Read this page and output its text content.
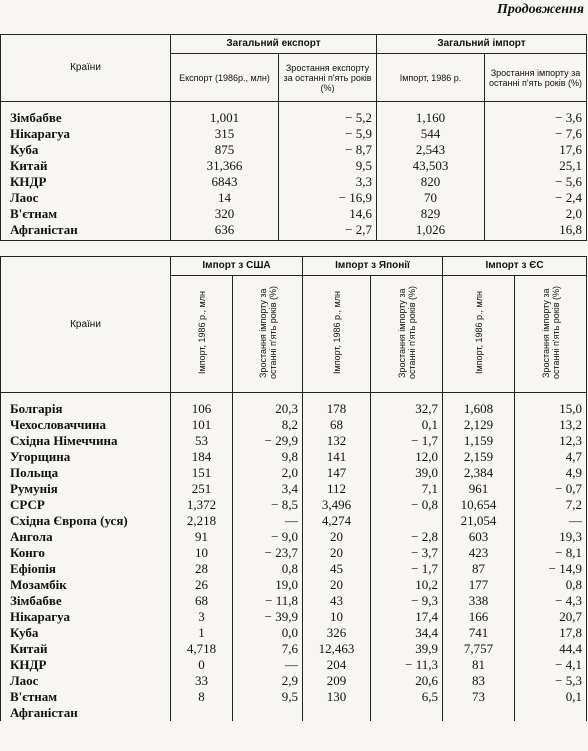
Продовження
Країни	Загальний експорт		Загальний імпорт	
	Експорт (1986р., млн)	Зростання експорту за останні п'ять років (%)	Імпорт, 1986 р.	Зростання імпорту за останні п'ять років (%)
Зімбабве	1,001	− 5,2	1,160	− 3,6
Нікарагуа	315	− 5,9	544	− 7,6
Куба	875	− 8,7	2,543	17,6
Китай	31,366	9,5	43,503	25,1
КНДР	6843	3,3	820	− 5,6
Лаос	14	− 16,9	70	− 2,4
В'єтнам	320	14,6	829	2,0
Афганістан	636	− 2,7	1,026	16,8
Країни	Імпорт з США		Імпорт з Японії		Імпорт з ЄС	
	Імпорт, 1986 р., млн	Зростання імпорту за останні п'ять років (%)	Імпорт, 1986 р., млн	Зростання імпорту за останні п'ять років (%)	Імпорт, 1986 р., млн	Зростання імпорту за останні п'ять років (%)
Болгарія	106	20,3	178	32,7	1,608	15,0
Чехословаччина	101	8,2	68	0,1	2,129	13,2
Східна Німеччина	53	− 29,9	132	− 1,7	1,159	12,3
Угорщина	184	9,8	141	12,0	2,159	4,7
Польща	151	2,0	147	39,0	2,384	4,9
Румунія	251	3,4	112	7,1	961	− 0,7
СРСР	1,372	− 8,5	3,496	− 0,8	10,654	7,2
Східна Європа (уся)	2,218	—	4,274		21,054	—
Ангола	91	− 9,0	20	− 2,8	603	19,3
Конго	10	− 23,7	20	− 3,7	423	− 8,1
Ефіопія	28	0,8	45	− 1,7	87	− 14,9
Мозамбік	26	19,0	20	10,2	177	0,8
Зімбабве	68	− 11,8	43	− 9,3	338	− 4,3
Нікарагуа	3	− 39,9	10	17,4	166	20,7
Куба	1	0,0	326	34,4	741	17,8
Китай	4,718	7,6	12,463	39,9	7,757	44,4
КНДР	0	—	204	− 11,3	81	− 4,1
Лаос	33	2,9	209	20,6	83	− 5,3
В'єтнам	8	9,5	130	6,5	73	0,1
Афганістан						
